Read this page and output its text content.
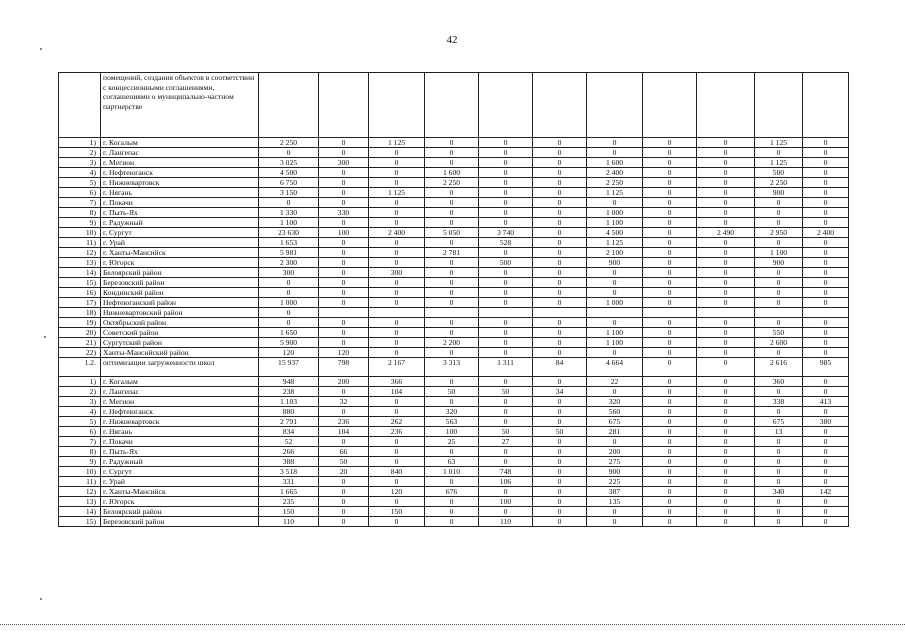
42
	помещений, создания объектов в соответствии с концессионными соглашениями, соглашениями о муниципально-частном партнерстве											
1)	г. Когалым	2 250	0	1 125	0	0	0	0	0	0	1 125	0
2)	г. Лангепас	0	0	0	0	0	0	0	0	0	0	0
3)	г. Мегион	3 025	300	0	0	0	0	1 600	0	0	1 125	0
4)	г. Нефтеюганск	4 500	0	0	1 600	0	0	2 400	0	0	500	0
5)	г. Нижневартовск	6 750	0	0	2 250	0	0	2 250	0	0	2 250	0
6)	г. Нягань	3 150	0	1 125	0	0	0	1 125	0	0	900	0
7)	г. Покачи	0	0	0	0	0	0	0	0	0	0	0
8)	г. Пыть-Ях	1 330	330	0	0	0	0	1 000	0	0	0	0
9)	г. Радужный	1 100	0	0	0	0	0	1 100	0	0	0	0
10)	г. Сургут	23 630	100	2 400	5 050	3 740	0	4 500	0	2 490	2 950	2 400
11)	г. Урай	1 653	0	0	0	528	0	1 125	0	0	0	0
12)	г. Ханты-Мансийск	5 981	0	0	2 781	0	0	2 100	0	0	1 100	0
13)	г. Югорск	2 300	0	0	0	500	0	900	0	0	900	0
14)	Белоярский район	300	0	300	0	0	0	0	0	0	0	0
15)	Березовский район	0	0	0	0	0	0	0	0	0	0	0
16)	Кондинский район	0	0	0	0	0	0	0	0	0	0	0
17)	Нефтеюганский район	1 000	0	0	0	0	0	1 000	0	0	0	0
18)	Нижневартовский район	0										
19)	Октябрьский район	0	0	0	0	0	0	0	0	0	0	0
20)	Советский район	1 650	0	0	0	0	0	1 100	0	0	550	0
21)	Сургутский район	5 900	0	0	2 200	0	0	1 100	0	0	2 600	0
22)	Ханты-Мансийский район	120	120	0	0	0	0	0	0	0	0	0
1.2.	оптимизации загруженности школ	15 937	798	2 167	3 313	1 311	84	4 664	0	0	2 616	985
1)	г. Когалым	948	200	366	0	0	0	22	0	0	360	0
2)	г. Лангепас	238	0	104	50	50	34	0	0	0	0	0
3)	г. Мегион	1 103	32	0	0	0	0	320	0	0	338	413
4)	г. Нефтеюганск	880	0	0	320	0	0	560	0	0	0	0
5)	г. Нижневартовск	2 791	236	262	563	0	0	675	0	0	675	380
6)	г. Нягань	834	104	236	100	50	50	281	0	0	13	0
7)	г. Покачи	52	0	0	25	27	0	0	0	0	0	0
8)	г. Пыть-Ях	266	66	0	0	0	0	200	0	0	0	0
9)	г. Радужный	388	50	0	63	0	0	275	0	0	0	0
10)	г. Сургут	3 518	20	840	1 010	748	0	900	0	0	0	0
11)	г. Урай	331	0	0	0	106	0	225	0	0	0	0
12)	г. Ханты-Мансийск	1 665	0	120	676	0	0	387	0	0	340	142
13)	г. Югорск	235	0	0	0	100	0	135	0	0	0	0
14)	Белоярский район	150	0	150	0	0	0	0	0	0	0	0
15)	Березовский район	110	0	0	0	110	0	0	0	0	0	0
